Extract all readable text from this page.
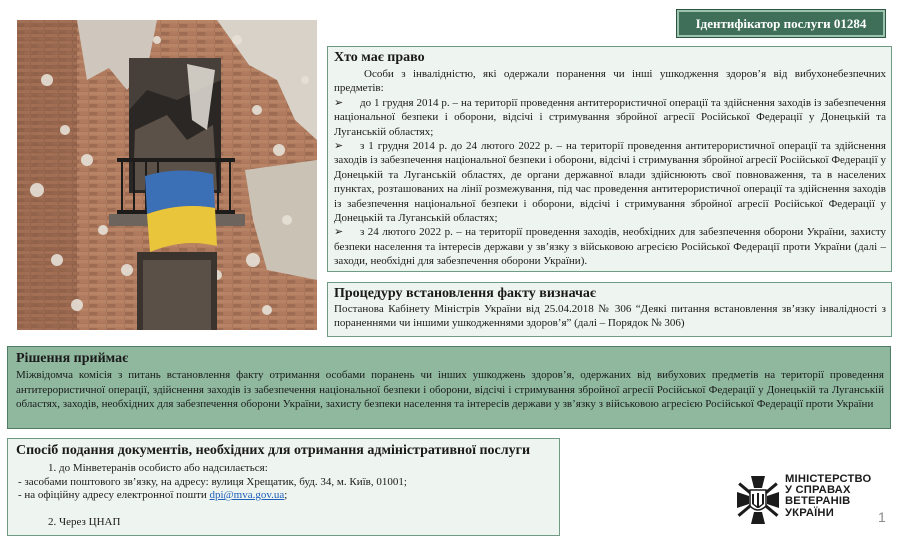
Ідентифікатор послуги 01284
Хто має право
Особи з інвалідністю, які одержали поранення чи інші ушкодження здоров’я від вибухонебезпечних предметів:
➢ до 1 грудня 2014 р. – на території проведення антитерористичної операції та здійснення заходів із забезпечення національної безпеки і оборони, відсічі і стримування збройної агресії Російської Федерації у Донецькій та Луганській областях;
➢ з 1 грудня 2014 р. до 24 лютого 2022 р. – на території проведення антитерористичної операції та здійснення заходів із забезпечення національної безпеки і оборони, відсічі і стримування збройної агресії Російської Федерації у Донецькій та Луганській областях, де органи державної влади здійснюють свої повноваження, та в населених пунктах, розташованих на лінії розмежування, під час проведення антитерористичної операції та здійснення заходів із забезпечення національної безпеки і оборони, відсічі і стримування збройної агресії Російської Федерації у Донецькій та Луганській областях;
➢ з 24 лютого 2022 р. – на території проведення заходів, необхідних для забезпечення оборони України, захисту безпеки населення та інтересів держави у зв’язку з військовою агресією Російської Федерації проти України (далі – заходи, необхідні для забезпечення оборони України).
Процедуру встановлення факту визначає
Постанова Кабінету Міністрів України від 25.04.2018 № 306 “Деякі питання встановлення зв’язку інвалідності з пораненнями чи іншими ушкодженнями здоров’я” (далі – Порядок № 306)
Рішення приймає
Міжвідомча комісія з питань встановлення факту отримання особами поранень чи інших ушкоджень здоров’я, одержаних від вибухових предметів на території проведення антитерористичної операції, здійснення заходів із забезпечення національної безпеки і оборони, відсічі і стримування збройної агресії Російської Федерації у Донецькій та Луганській областях, заходів, необхідних для забезпечення оборони України, захисту безпеки населення та інтересів держави у зв’язку з військовою агресією Російської Федерації проти України
Спосіб подання документів, необхідних для отримання адміністративної послуги
1. до Мінветеранів особисто або надсилається:
- засобами поштового зв’язку, на адресу: вулиця Хрещатик, буд. 34, м. Київ, 01001;
- на офіційну адресу електронної пошти dpi@mva.gov.ua;
2. Через ЦНАП
МІНІСТЕРСТВО
У СПРАВАХ
ВЕТЕРАНІВ
УКРАЇНИ	1
